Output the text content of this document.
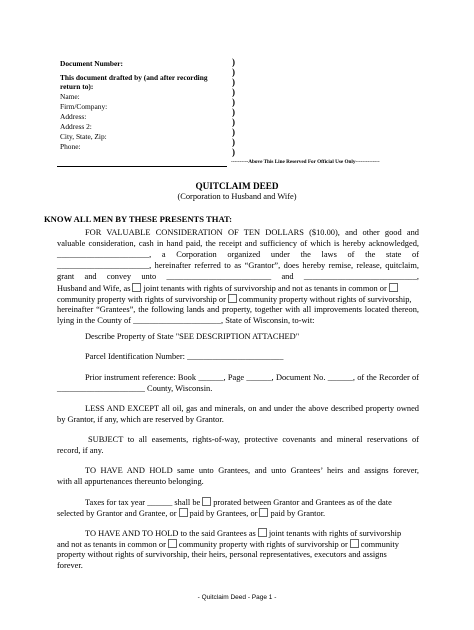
Document Number:
This document drafted by (and after recording
return to):
Name:
Firm/Company:
Address:
Address 2:
City, State, Zip:
Phone:
)
)
)
)
)
)
)
)
)
)
----------Above This Line Reserved For Official Use Only--------------
QUITCLAIM DEED
(Corporation to Husband and Wife)
KNOW ALL MEN BY THESE PRESENTS THAT:
FOR VALUABLE CONSIDERATION OF TEN DOLLARS ($10.00), and other good and
valuable consideration, cash in hand paid, the receipt and sufficiency of which is hereby acknowledged,
______________________, a Corporation organized under the laws of the state of
______________________, hereinafter referred to as “Grantor”, does hereby remise, release, quitclaim,
grant and convey unto _________________________ and ___________________________,
Husband and Wife, as joint tenants with rights of survivorship and not as tenants in common or
community property with rights of survivorship or community property without rights of survivorship,
hereinafter “Grantees”, the following lands and property, together with all improvements located thereon,
lying in the County of _____________________, State of Wisconsin, to-wit:
Describe Property of State "SEE DESCRIPTION ATTACHED"
Parcel Identification Number: _______________________
Prior instrument reference: Book ______, Page ______, Document No. ______, of the Recorder of
_____________________ County, Wisconsin.
LESS AND EXCEPT all oil, gas and minerals, on and under the above described property owned
by Grantor, if any, which are reserved by Grantor.
SUBJECT to all easements, rights-of-way, protective covenants and mineral reservations of
record, if any.
TO HAVE AND HOLD same unto Grantees, and unto Grantees’ heirs and assigns forever,
with all appurtenances thereunto belonging.
Taxes for tax year ______ shall be prorated between Grantor and Grantees as of the date
selected by Grantor and Grantee, or paid by Grantees, or paid by Grantor.
TO HAVE AND TO HOLD to the said Grantees as joint tenants with rights of survivorship
and not as tenants in common or community property with rights of survivorship or community
property without rights of survivorship, their heirs, personal representatives, executors and assigns
forever.
- Quitclaim Deed - Page 1 -
